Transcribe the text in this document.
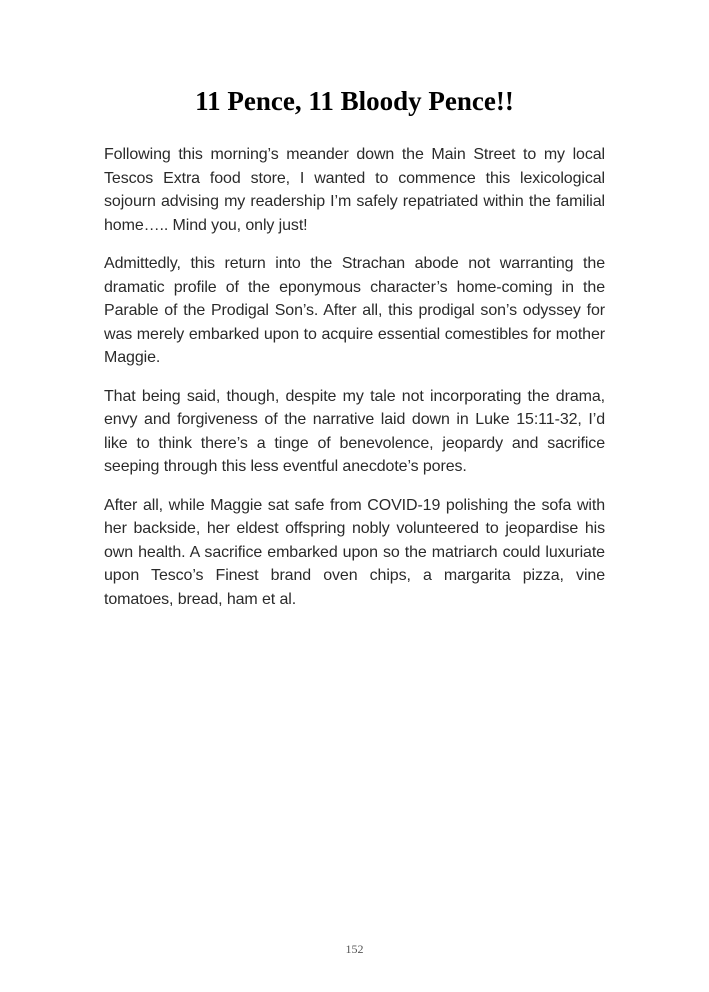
11 Pence, 11 Bloody Pence!!

Following this morning’s meander down the Main Street to my local Tescos Extra food store, I wanted to commence this lexicological sojourn advising my readership I’m safely repatriated within the familial home….. Mind you, only just!

Admittedly, this return into the Strachan abode not warranting the dramatic profile of the eponymous character’s home-coming in the Parable of the Prodigal Son’s. After all, this prodigal son’s odyssey for was merely embarked upon to acquire essential comestibles for mother Maggie.

That being said, though, despite my tale not incorporating the drama, envy and forgiveness of the narrative laid down in Luke 15:11-32, I’d like to think there’s a tinge of benevolence, jeopardy and sacrifice seeping through this less eventful anecdote’s pores.

After all, while Maggie sat safe from COVID-19 polishing the sofa with her backside, her eldest offspring nobly volunteered to jeopardise his own health. A sacrifice embarked upon so the matriarch could luxuriate upon Tesco’s Finest brand oven chips, a margarita pizza, vine tomatoes, bread, ham et al.

152
